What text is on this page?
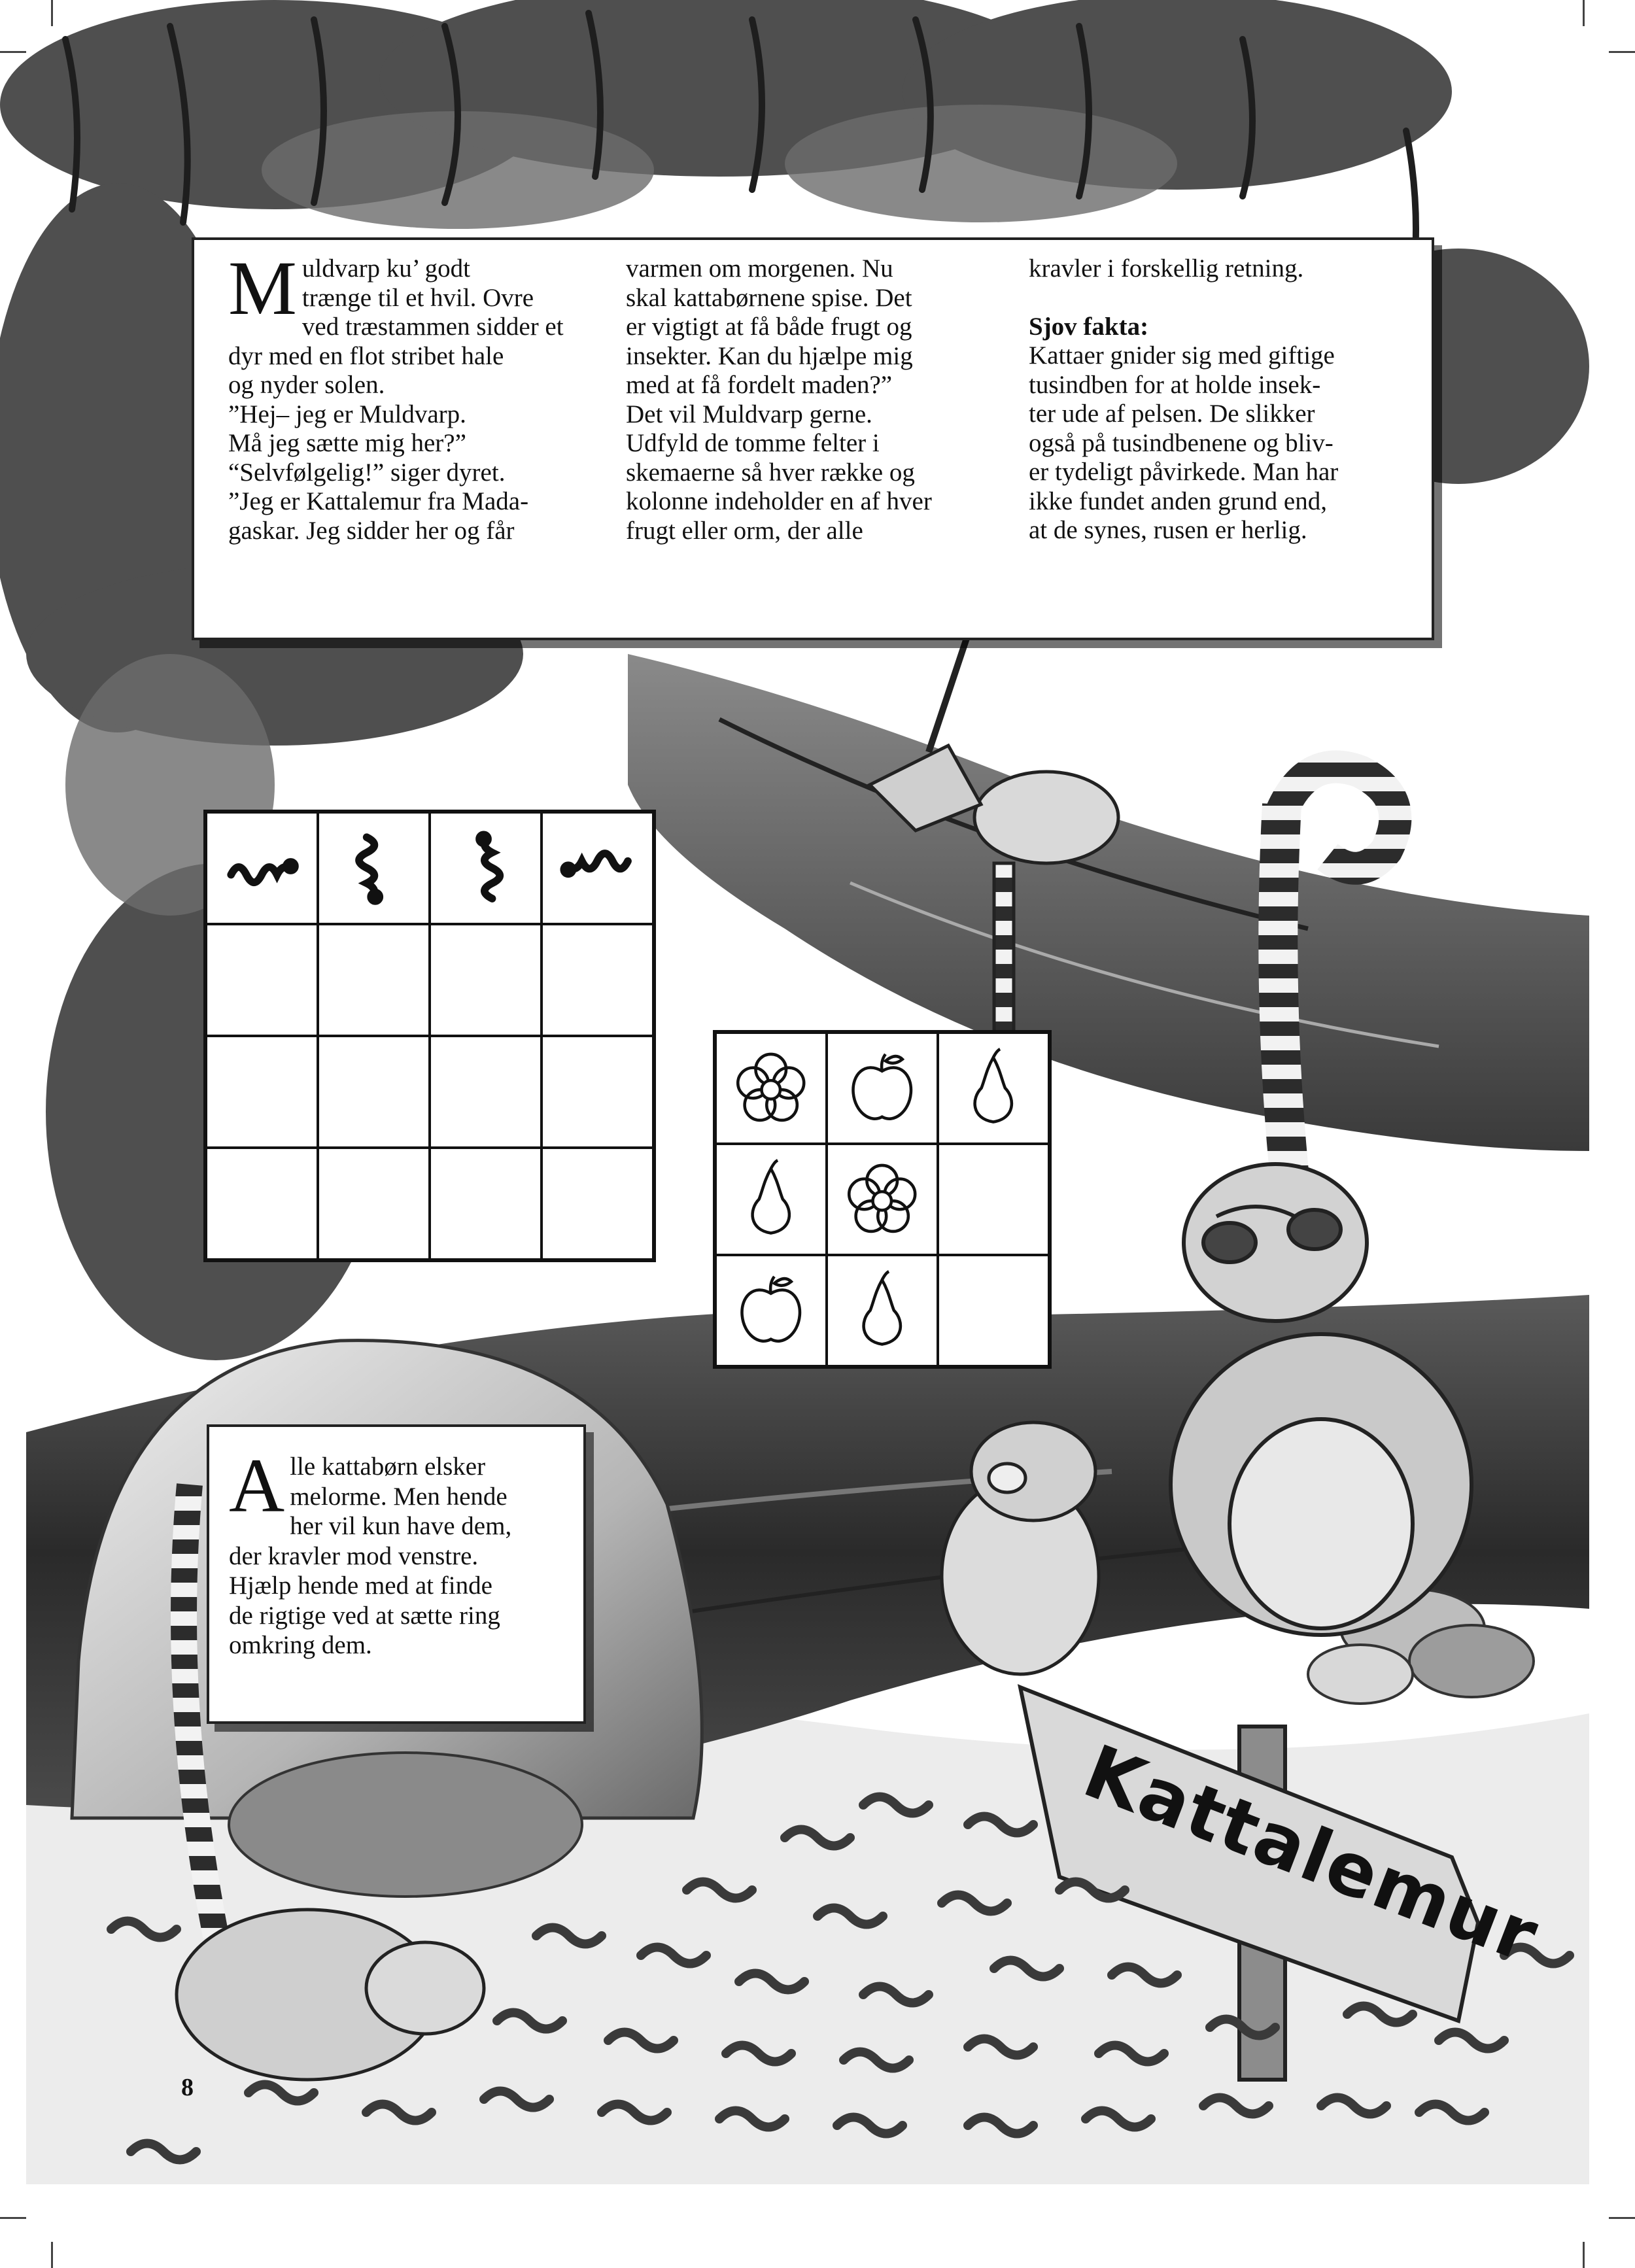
Kattalemur
M uldvarp ku’ godt

trænge til et hvil. Ovre

ved træstammen sidder et

dyr med en flot stribet hale

og nyder solen.

”Hej– jeg er Muldvarp.

Må jeg sætte mig her?”

“Selvfølgelig!” siger dyret.

”Jeg er Kattalemur fra Mada-

gaskar. Jeg sidder her og får

varmen om morgenen. Nu

skal kattabørnene spise. Det

er vigtigt at få både frugt og

insekter. Kan du hjælpe mig

med at få fordelt maden?”

Det vil Muldvarp gerne.

Udfyld de tomme felter i

skemaerne så hver række og

kolonne indeholder en af hver

frugt eller orm, der alle

kravler i forskellig retning.

Sjov fakta:

Kattaer gnider sig med giftige

tusindben for at holde insek-

ter ude af pelsen. De slikker

også på tusindbenene og bliv-

er tydeligt påvirkede. Man har

ikke fundet anden grund end,

at de synes, rusen er herlig.

A lle kattabørn elsker

melorme. Men hende

her vil kun have dem,

der kravler mod venstre.

Hjælp hende med at finde

de rigtige ved at sætte ring

omkring dem.

8
